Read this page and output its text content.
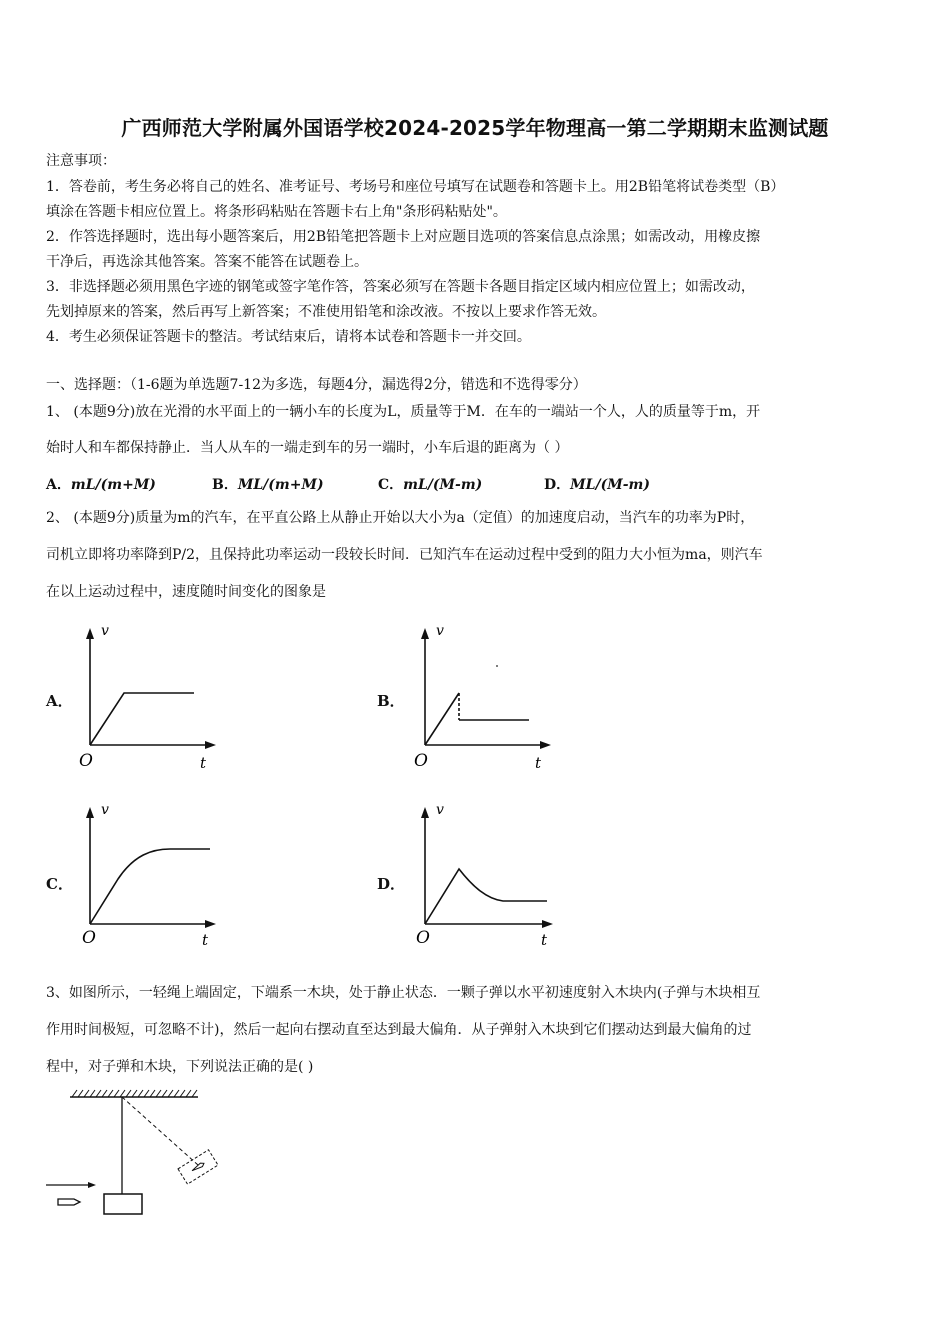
广西师范大学附属外国语学校2024-2025学年物理高一第二学期期末监测试题
注意事项：
1．答卷前，考生务必将自己的姓名、准考证号、考场号和座位号填写在试题卷和答题卡上。用2B铅笔将试卷类型（B）
填涂在答题卡相应位置上。将条形码粘贴在答题卡右上角"条形码粘贴处"。
2．作答选择题时，选出每小题答案后，用2B铅笔把答题卡上对应题目选项的答案信息点涂黑；如需改动，用橡皮擦
干净后，再选涂其他答案。答案不能答在试题卷上。
3．非选择题必须用黑色字迹的钢笔或签字笔作答，答案必须写在答题卡各题目指定区域内相应位置上；如需改动，
先划掉原来的答案，然后再写上新答案；不准使用铅笔和涂改液。不按以上要求作答无效。
4．考生必须保证答题卡的整洁。考试结束后，请将本试卷和答题卡一并交回。
一、选择题：（1-6题为单选题7-12为多选，每题4分，漏选得2分，错选和不选得零分）
1、 (本题9分)放在光滑的水平面上的一辆小车的长度为L，质量等于M．在车的一端站一个人，人的质量等于m，开
始时人和车都保持静止．当人从车的一端走到车的另一端时，小车后退的距离为（ ）
A．mL/(m+M)	B．ML/(m+M)	C．mL/(M-m)	D．ML/(M-m)
2、 (本题9分)质量为m的汽车，在平直公路上从静止开始以大小为a（定值）的加速度启动，当汽车的功率为P时，
司机立即将功率降到P/2，且保持此功率运动一段较长时间．已知汽车在运动过程中受到的阻力大小恒为ma，则汽车
在以上运动过程中，速度随时间变化的图象是
A．	B．
C．	D．
v
t
O
v
t
O
v
t
O
v
t
O
3、如图所示，一轻绳上端固定，下端系一木块，处于静止状态．一颗子弹以水平初速度射入木块内(子弹与木块相互
作用时间极短，可忽略不计)，然后一起向右摆动直至达到最大偏角．从子弹射入木块到它们摆动达到最大偏角的过
程中，对子弹和木块，下列说法正确的是( )
